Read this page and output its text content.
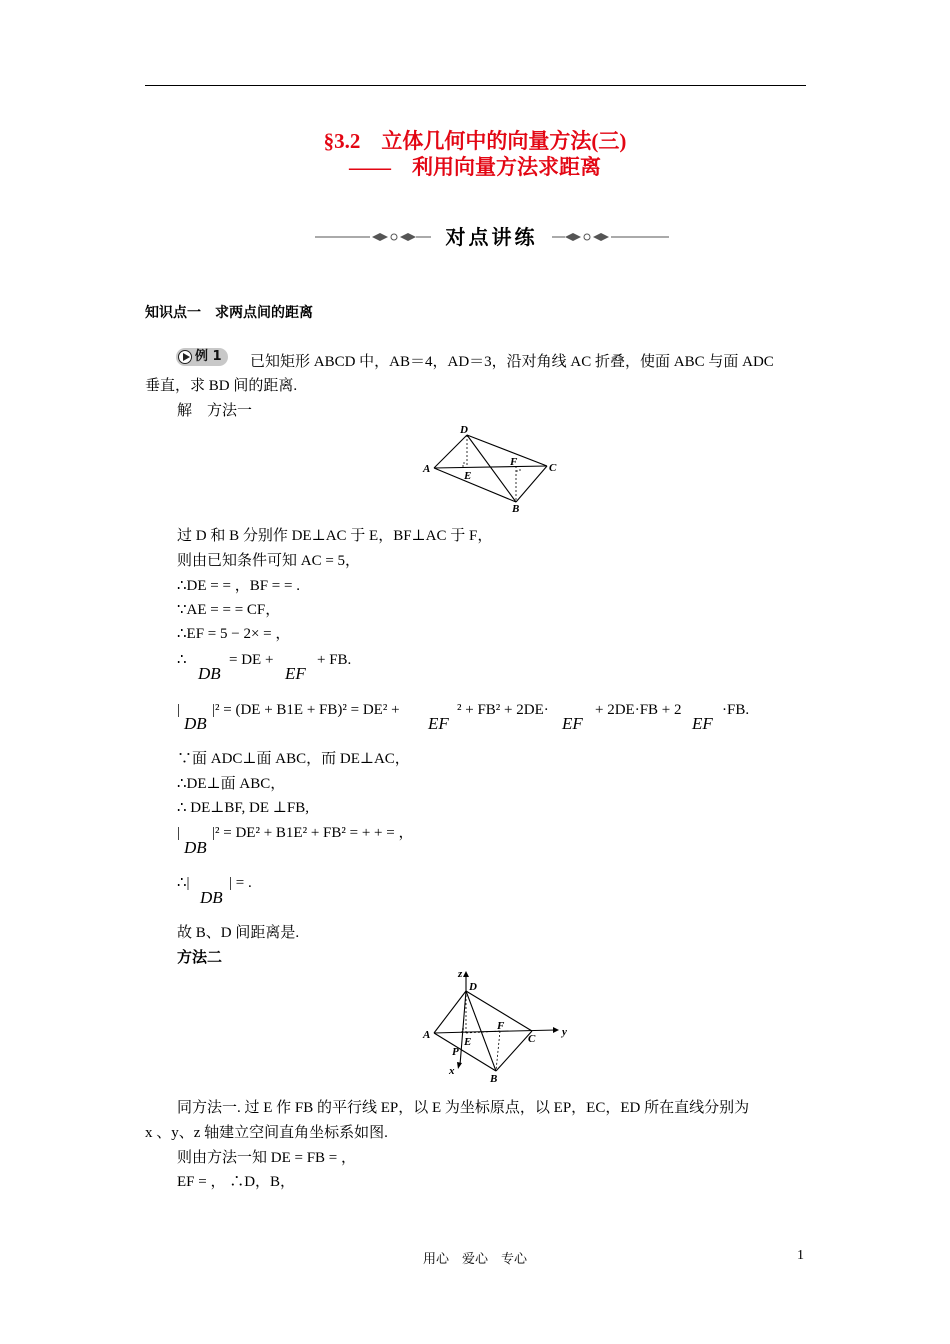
§3.2　立体几何中的向量方法(三)
——　利用向量方法求距离
对点讲练
知识点一　求两点间的距离
例 1 已知矩形 ABCD 中，AB＝4，AD＝3，沿对角线 AC 折叠，使面 ABC 与面 ADC
垂直，求 BD 间的距离.
解　方法一
D
A
F	C
E
B
过 D 和 B 分别作 DE⊥AC 于 E，BF⊥AC 于 F，
则由已知条件可知 AC = 5，
∴DE = = ，BF = = .
∵AE = = = CF，
∴EF = 5 − 2× = ，
∴
DB
= DE +
EF
+ FB.
|
DB
|² = (DE + B1E + FB)² = DE² +
EF
² + FB² + 2DE·
EF
+ 2DE·FB + 2
EF
·FB.
∵面 ADC⊥面 ABC，而 DE⊥AC，
∴DE⊥面 ABC，
∴ DE⊥BF, DE ⊥FB,
|
DB
|² = DE² + B1E² + FB² = + + = ，
∴|
DB
| = .
故 B、D 间距离是.
方法二
z
D
A
F	y
C
P
E
x
B
同方法一. 过 E 作 FB 的平行线 EP，以 E 为坐标原点，以 EP，EC，ED 所在直线分别为
x 、y、z 轴建立空间直角坐标系如图.
则由方法一知 DE = FB = ，
EF = ， ∴D，B，
用心　爱心　专心	1
